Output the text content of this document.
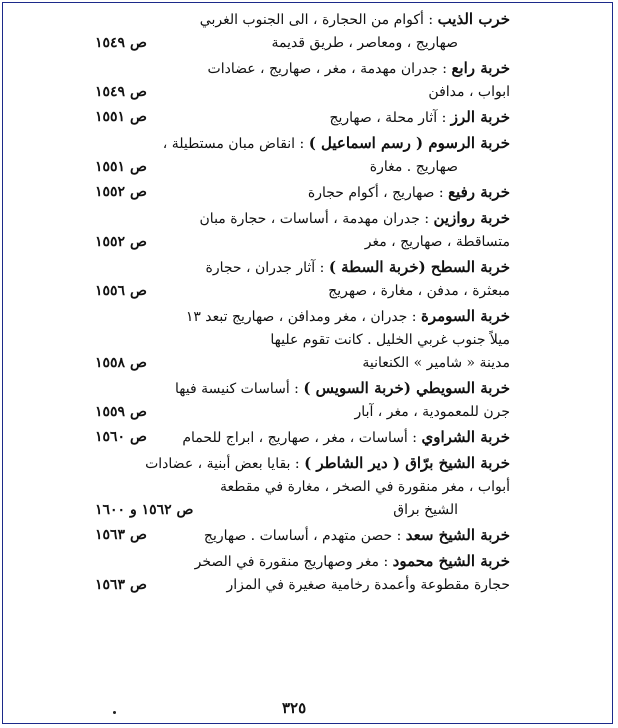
خرب الذيب : أكوام من الحجارة ، الى الجنوب الغربي
صهاريج ، ومعاصر ، طريق قديمة
ص ١٥٤٩
خربة رابع : جدران مهدمة ، مغر ، صهاريج ، عضادات
ابواب ، مدافن
ص ١٥٤٩
خربة الرز : آثار محلة ، صهاريج
ص ١٥٥١
خربة الرسوم ( رسم اسماعيل ) : انقاض مبان مستطيلة ،
صهاريج . مغارة
ص ١٥٥١
خربة رفيع : صهاريج ، أكوام حجارة
ص ١٥٥٢
خربة روازين : جدران مهدمة ، أساسات ، حجارة مبان
متساقطة ، صهاريج ، مغر
ص ١٥٥٢
خربة السطح (خربة السطة ) : آثار جدران ، حجارة
مبعثرة ، مدفن ، مغارة ، صهريج
ص ١٥٥٦
خربة السومرة : جدران ، مغر ومدافن ، صهاريج تبعد ١٣
ميلاً جنوب غربي الخليل . كانت تقوم عليها
مدينة « شامير » الكنعانية
ص ١٥٥٨
خربة السويطي (خربة السويس ) : أساسات كنيسة فيها
جرن للمعمودية ، مغر ، آبار
ص ١٥٥٩
خربة الشراوي : أساسات ، مغر ، صهاريج ، ابراج للحمام
ص ١٥٦٠
خربة الشيخ برّاق ( دير الشاطر ) : بقايا بعض أبنية ، عضادات
أبواب ، مغر منقورة في الصخر ، مغارة في مقطعة
الشيخ براق
ص ١٥٦٢ و ١٦٠٠
خربة الشيخ سعد : حصن متهدم ، أساسات . صهاريج
ص ١٥٦٣
خربة الشيخ محمود : مغر وصهاريج منقورة في الصخر
حجارة مقطوعة وأعمدة رخامية صغيرة في المزار
ص ١٥٦٣
٣٢٥
